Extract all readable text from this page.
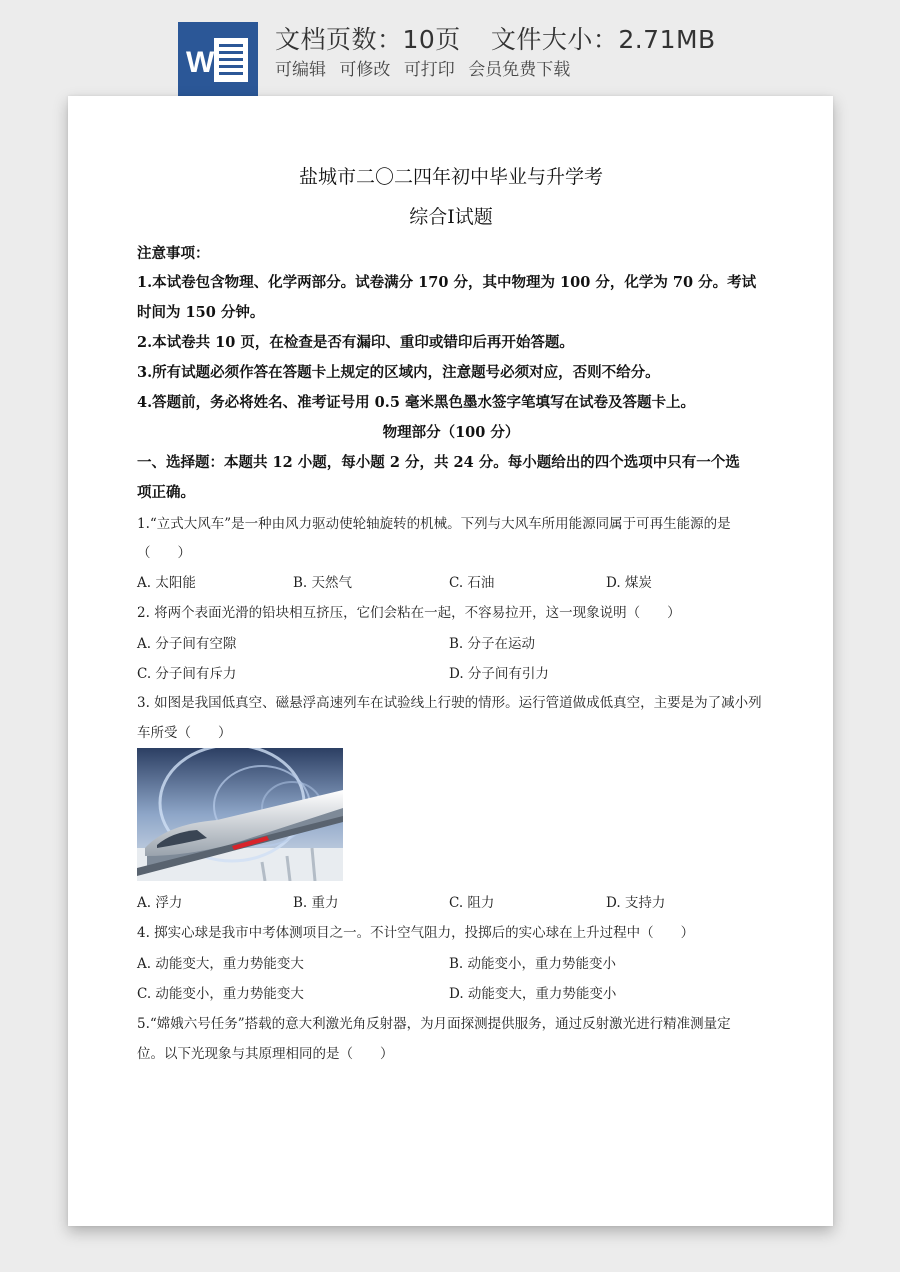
W
文档页数：10页 文件大小：2.71MB
可编辑 可修改 可打印 会员免费下载
盐城市二〇二四年初中毕业与升学考
综合Ⅰ试题
注意事项：
1.本试卷包含物理、化学两部分。试卷满分 170 分，其中物理为 100 分，化学为 70 分。考试
时间为 150 分钟。
2.本试卷共 10 页，在检查是否有漏印、重印或错印后再开始答题。
3.所有试题必须作答在答题卡上规定的区域内，注意题号必须对应，否则不给分。
4.答题前，务必将姓名、准考证号用 0.5 毫米黑色墨水签字笔填写在试卷及答题卡上。
物理部分（100 分）
一、选择题：本题共 12 小题，每小题 2 分，共 24 分。每小题给出的四个选项中只有一个选
项正确。
1.“立式大风车”是一种由风力驱动使轮轴旋转的机械。下列与大风车所用能源同属于可再生能源的是
（　　）
A. 太阳能	B. 天然气	C. 石油	D. 煤炭
2. 将两个表面光滑的铅块相互挤压，它们会粘在一起，不容易拉开，这一现象说明（　　）
A. 分子间有空隙	B. 分子在运动
C. 分子间有斥力	D. 分子间有引力
3. 如图是我国低真空、磁悬浮高速列车在试验线上行驶的情形。运行管道做成低真空，主要是为了减小列
车所受（　　）
A. 浮力	B. 重力	C. 阻力	D. 支持力
4. 掷实心球是我市中考体测项目之一。不计空气阻力，投掷后的实心球在上升过程中（　　）
A. 动能变大，重力势能变大	B. 动能变小，重力势能变小
C. 动能变小，重力势能变大	D. 动能变大，重力势能变小
5.“嫦娥六号任务”搭载的意大利激光角反射器，为月面探测提供服务，通过反射激光进行精准测量定
位。以下光现象与其原理相同的是（　　）
